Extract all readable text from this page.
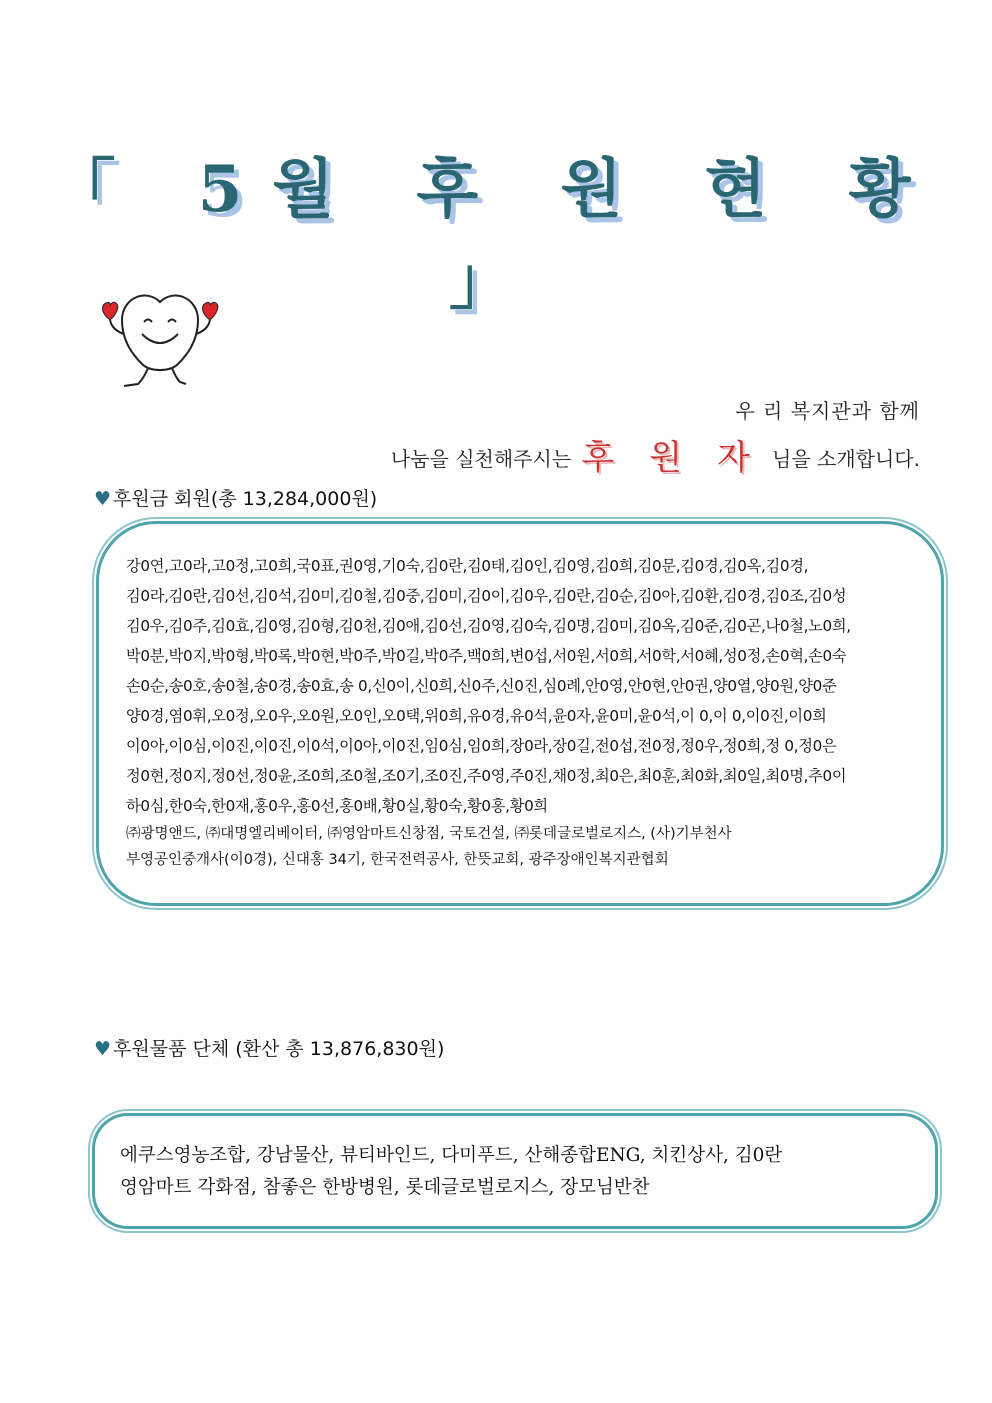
「 5월 후 원 현 황 」
우 리 복지관과 함께
나눔을 실천해주시는 후 원 자 님을 소개합니다.
♥ 후원금 회원(총 13,284,000원)

강0연,고0라,고0정,고0희,국0표,권0영,기0숙,김0란,김0태,김0인,김0영,김0희,김0문,김0경,김0옥,김0경,

김0라,김0란,김0선,김0석,김0미,김0철,김0중,김0미,김0이,김0우,김0란,김0순,김0아,김0환,김0경,김0조,김0성

김0우,김0주,김0효,김0영,김0형,김0천,김0애,김0선,김0영,김0숙,김0명,김0미,김0옥,김0준,김0곤,나0철,노0희,

박0분,박0지,박0형,박0록,박0현,박0주,박0길,박0주,백0희,변0섭,서0원,서0희,서0학,서0혜,성0정,손0혁,손0숙

손0순,송0호,송0철,송0경,송0효,송 0,신0이,신0희,신0주,신0진,심0례,안0영,안0현,안0권,양0열,양0원,양0준

양0경,염0휘,오0정,오0우,오0원,오0인,오0택,위0희,유0경,유0석,윤0자,윤0미,윤0석,이 0,이 0,이0진,이0희

이0아,이0심,이0진,이0진,이0석,이0아,이0진,임0심,임0희,장0라,장0길,전0섭,전0정,정0우,정0희,정 0,정0은

정0현,정0지,정0선,정0윤,조0희,조0철,조0기,조0진,주0영,주0진,채0정,최0은,최0훈,최0화,최0일,최0명,추0이

하0심,한0숙,한0재,홍0우,홍0선,홍0배,황0실,황0숙,황0홍,황0희

㈜광명앤드, ㈜대명엘리베이터, ㈜영암마트신창점, 국토건설, ㈜롯데글로벌로지스, (사)기부천사

부영공인중개사(이0경), 신대홍 34기, 한국전력공사, 한뜻교회, 광주장애인복지관협회

♥ 후원물품 단체 (환산 총 13,876,830원)

에쿠스영농조합, 강남물산, 뷰티바인드, 다미푸드, 산해종합ENG, 치킨상사, 김0란

영암마트 각화점, 참좋은 한방병원, 롯데글로벌로지스, 장모님반찬
